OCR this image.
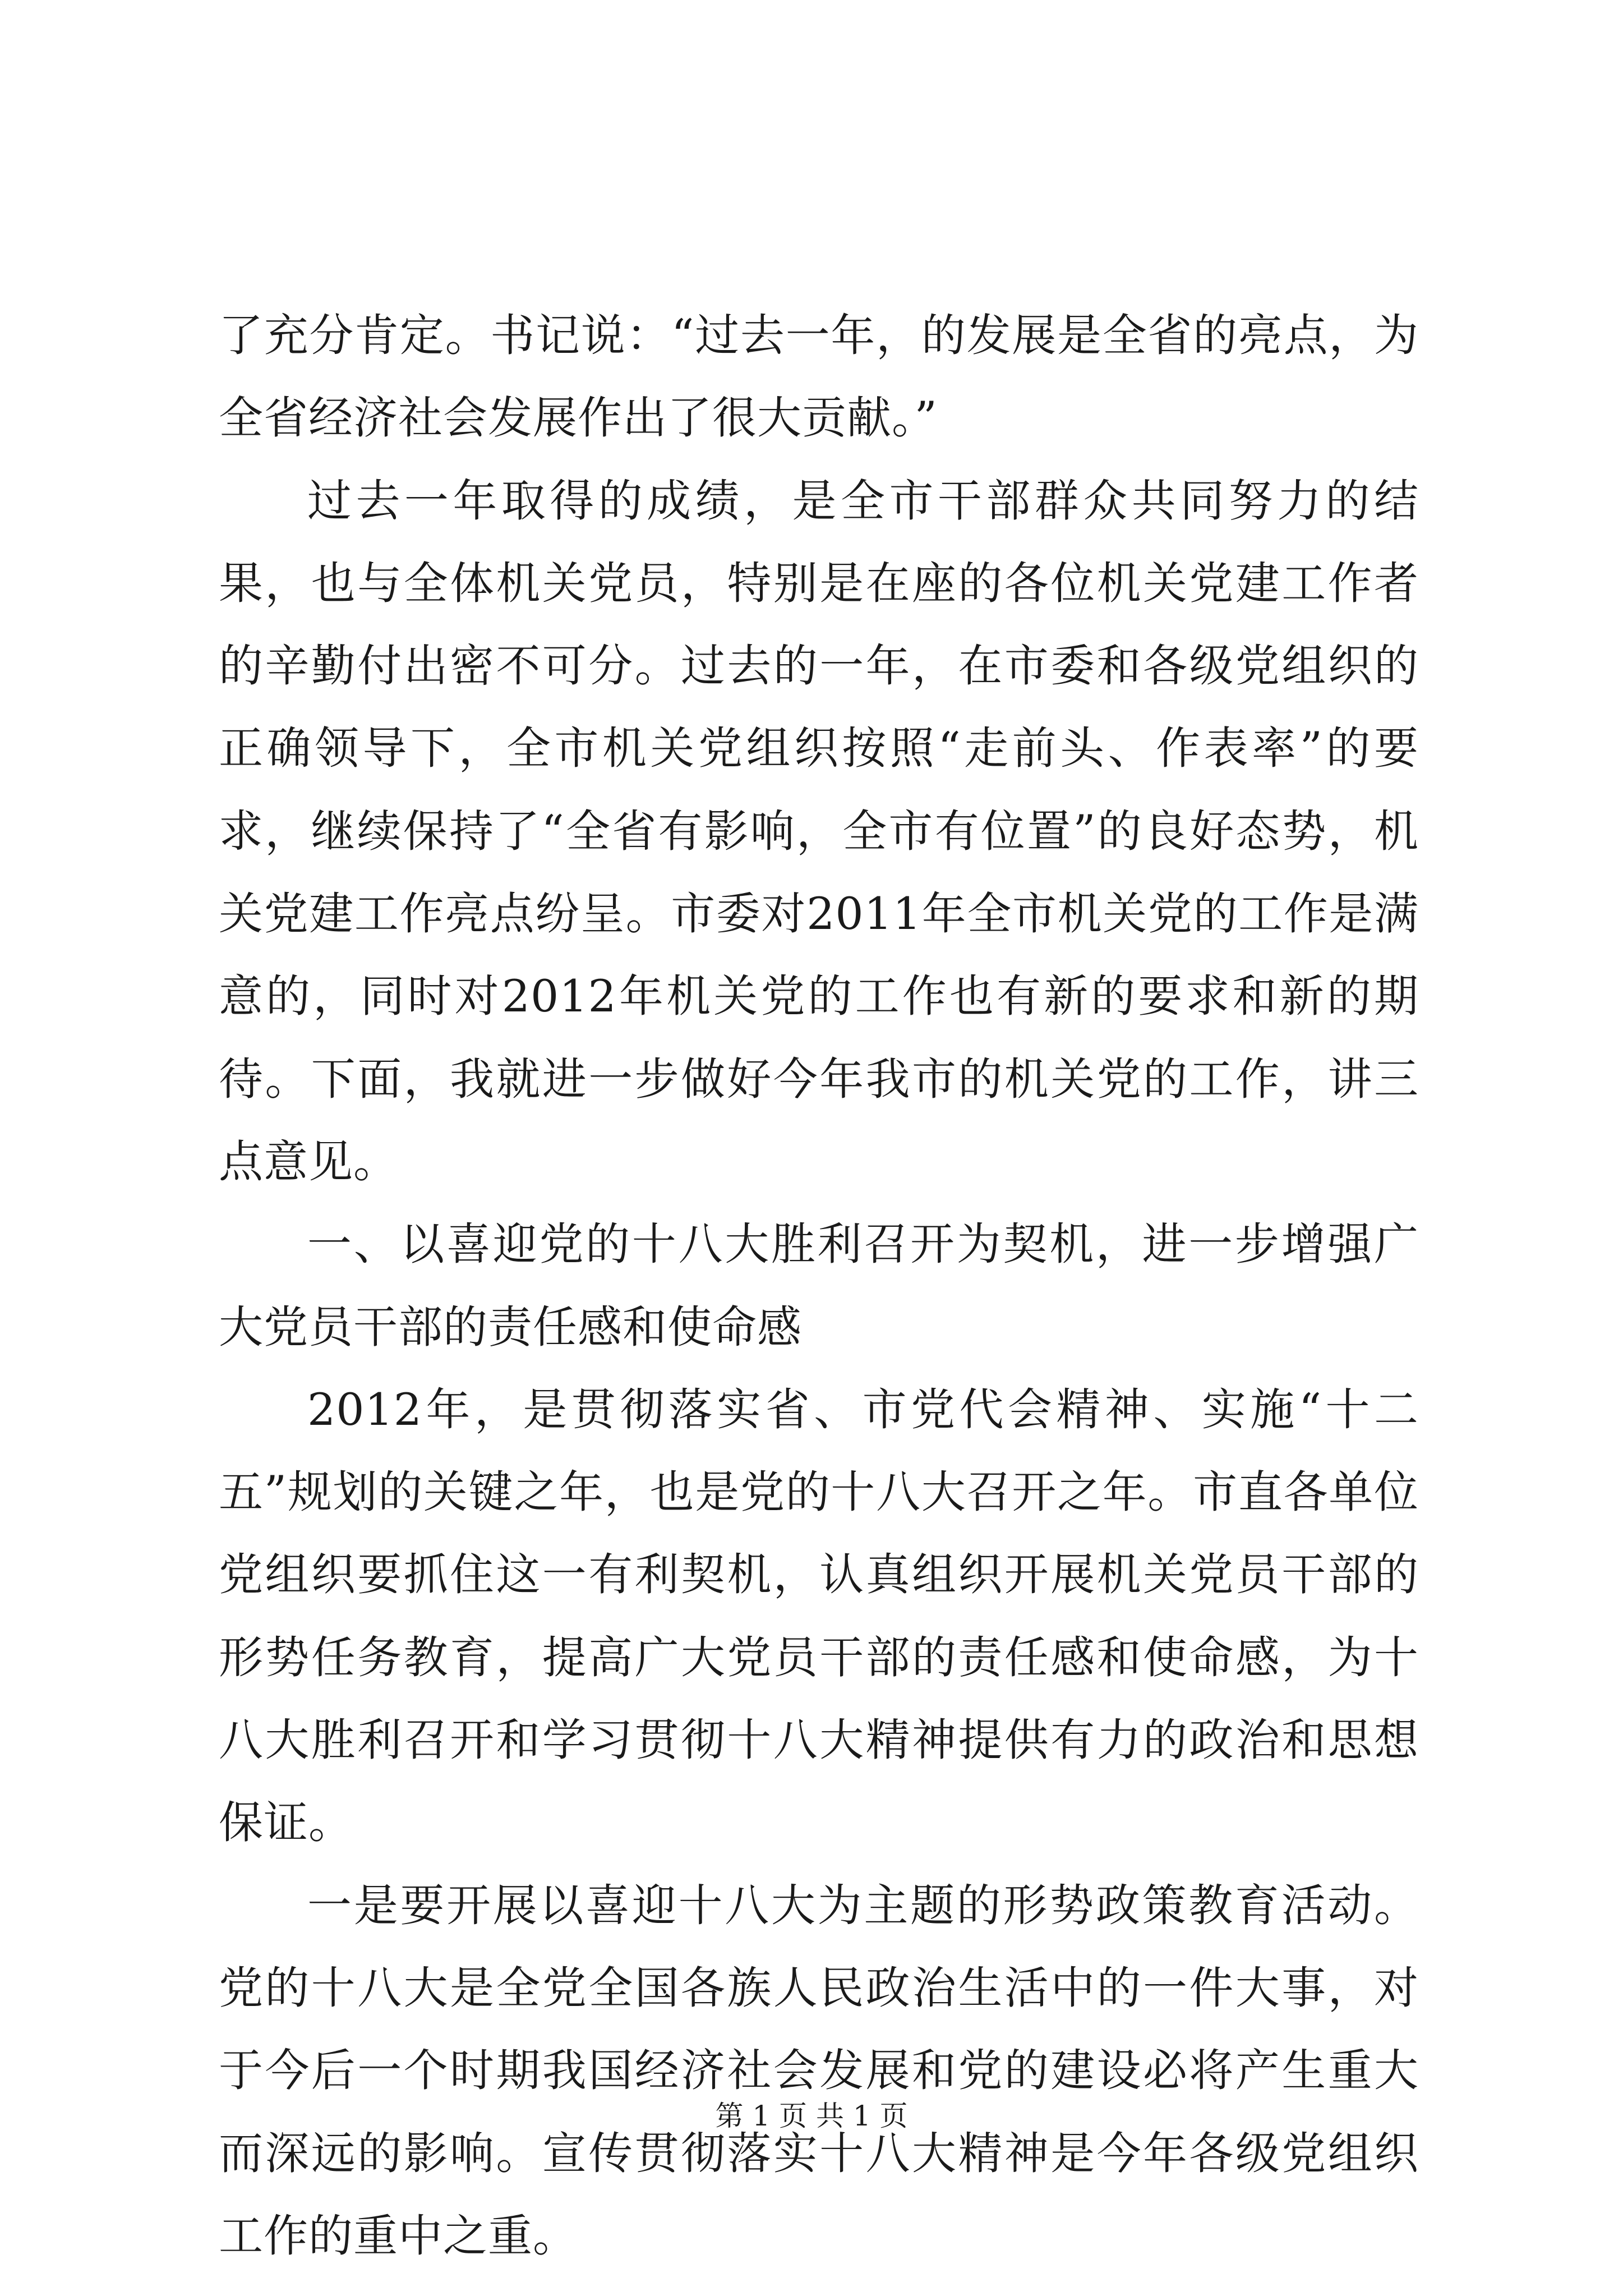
了充分肯定。书记说：“过去一年，的发展是全省的亮点，为全省经济社会发展作出了很大贡献。”

过去一年取得的成绩，是全市干部群众共同努力的结果，也与全体机关党员，特别是在座的各位机关党建工作者的辛勤付出密不可分。过去的一年，在市委和各级党组织的正确领导下，全市机关党组织按照“走前头、作表率”的要求，继续保持了“全省有影响，全市有位置”的良好态势，机关党建工作亮点纷呈。市委对2011年全市机关党的工作是满意的，同时对2012年机关党的工作也有新的要求和新的期待。下面，我就进一步做好今年我市的机关党的工作，讲三点意见。

一、以喜迎党的十八大胜利召开为契机，进一步增强广大党员干部的责任感和使命感

2012年，是贯彻落实省、市党代会精神、实施“十二五”规划的关键之年，也是党的十八大召开之年。市直各单位党组织要抓住这一有利契机，认真组织开展机关党员干部的形势任务教育，提高广大党员干部的责任感和使命感，为十八大胜利召开和学习贯彻十八大精神提供有力的政治和思想保证。

一是要开展以喜迎十八大为主题的形势政策教育活动。党的十八大是全党全国各族人民政治生活中的一件大事，对于今后一个时期我国经济社会发展和党的建设必将产生重大而深远的影响。宣传贯彻落实十八大精神是今年各级党组织工作的重中之重。

第 1 页 共 1 页
